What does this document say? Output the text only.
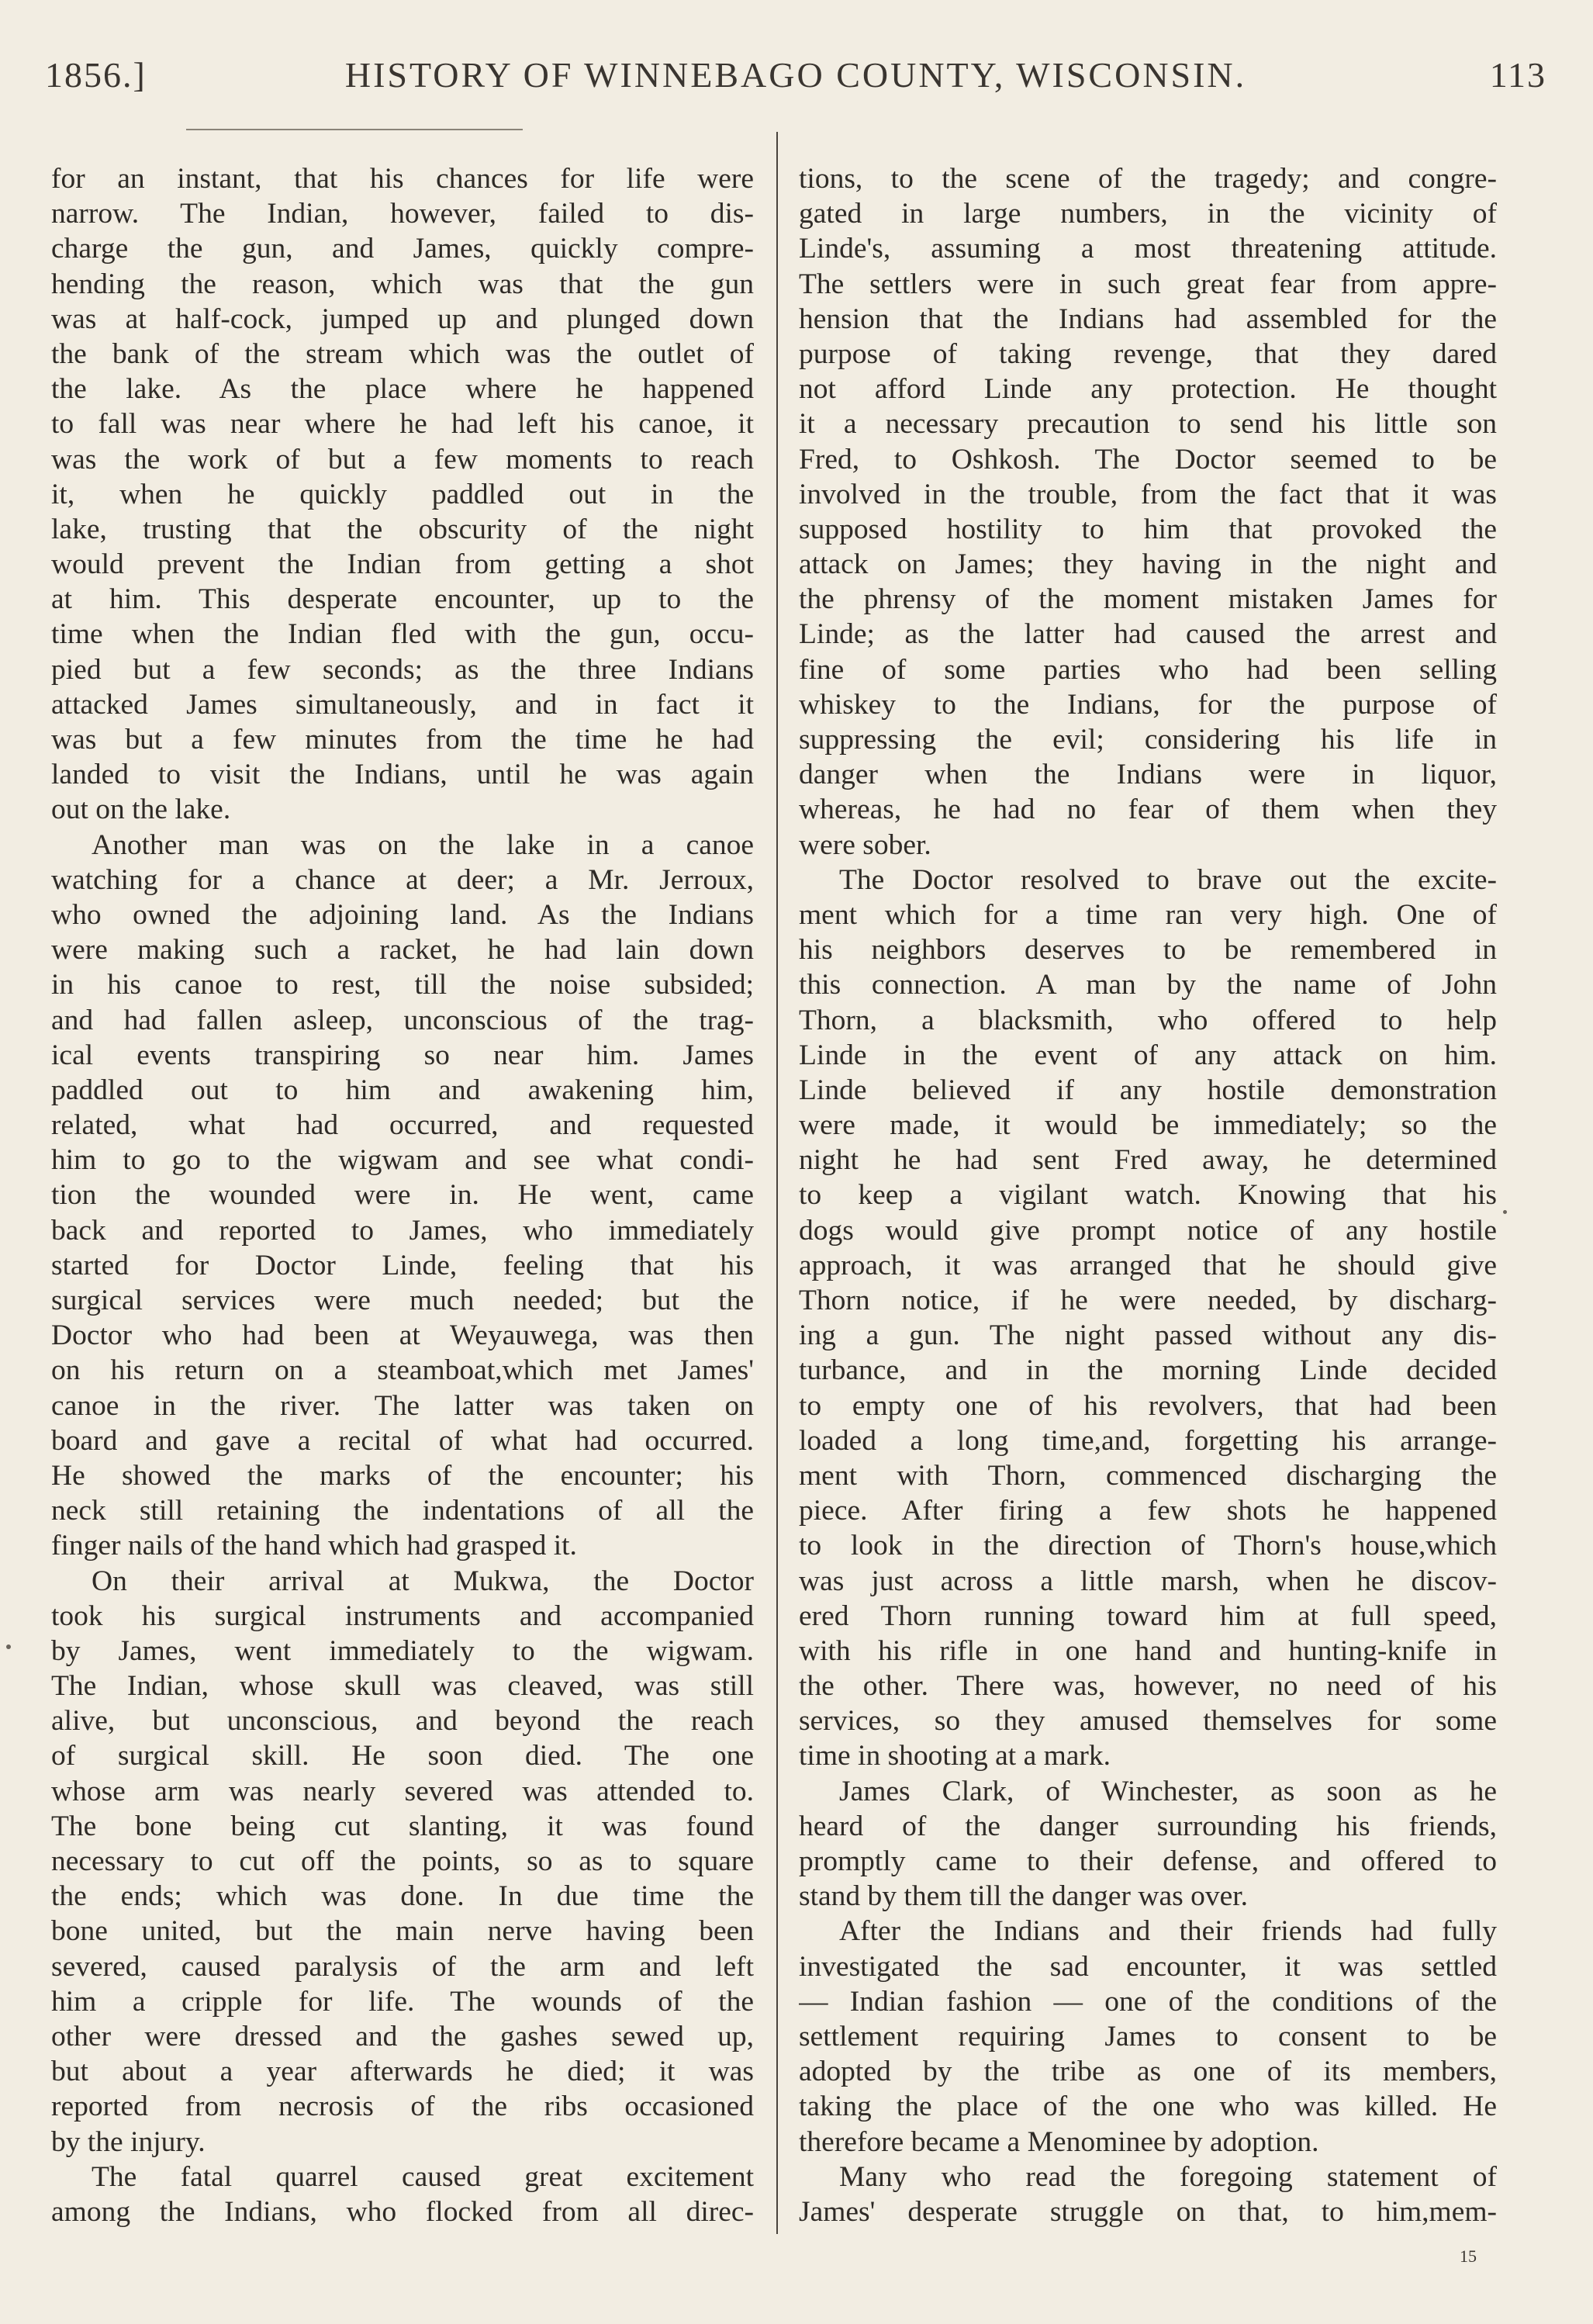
1856.]	HISTORY OF WINNEBAGO COUNTY, WISCONSIN.	113
for an instant, that his chances for life were
narrow. The Indian, however, failed to dis-
charge the gun, and James, quickly compre-
hending the reason, which was that the gun
was at half-cock, jumped up and plunged down
the bank of the stream which was the outlet of
the lake. As the place where he happened
to fall was near where he had left his canoe, it
was the work of but a few moments to reach
it, when he quickly paddled out in the
lake, trusting that the obscurity of the night
would prevent the Indian from getting a shot
at him. This desperate encounter, up to the
time when the Indian fled with the gun, occu-
pied but a few seconds; as the three Indians
attacked James simultaneously, and in fact it
was but a few minutes from the time he had
landed to visit the Indians, until he was again
out on the lake.
Another man was on the lake in a canoe
watching for a chance at deer; a Mr. Jerroux,
who owned the adjoining land. As the Indians
were making such a racket, he had lain down
in his canoe to rest, till the noise subsided;
and had fallen asleep, unconscious of the trag-
ical events transpiring so near him. James
paddled out to him and awakening him,
related, what had occurred, and requested
him to go to the wigwam and see what condi-
tion the wounded were in. He went, came
back and reported to James, who immediately
started for Doctor Linde, feeling that his
surgical services were much needed; but the
Doctor who had been at Weyauwega, was then
on his return on a steamboat,which met James'
canoe in the river. The latter was taken on
board and gave a recital of what had occurred.
He showed the marks of the encounter; his
neck still retaining the indentations of all the
finger nails of the hand which had grasped it.
On their arrival at Mukwa, the Doctor
took his surgical instruments and accompanied
by James, went immediately to the wigwam.
The Indian, whose skull was cleaved, was still
alive, but unconscious, and beyond the reach
of surgical skill. He soon died. The one
whose arm was nearly severed was attended to.
The bone being cut slanting, it was found
necessary to cut off the points, so as to square
the ends; which was done. In due time the
bone united, but the main nerve having been
severed, caused paralysis of the arm and left
him a cripple for life. The wounds of the
other were dressed and the gashes sewed up,
but about a year afterwards he died; it was
reported from necrosis of the ribs occasioned
by the injury.
The fatal quarrel caused great excitement
among the Indians, who flocked from all direc-
tions, to the scene of the tragedy; and congre-
gated in large numbers, in the vicinity of
Linde's, assuming a most threatening attitude.
The settlers were in such great fear from appre-
hension that the Indians had assembled for the
purpose of taking revenge, that they dared
not afford Linde any protection. He thought
it a necessary precaution to send his little son
Fred, to Oshkosh. The Doctor seemed to be
involved in the trouble, from the fact that it was
supposed hostility to him that provoked the
attack on James; they having in the night and
the phrensy of the moment mistaken James for
Linde; as the latter had caused the arrest and
fine of some parties who had been selling
whiskey to the Indians, for the purpose of
suppressing the evil; considering his life in
danger when the Indians were in liquor,
whereas, he had no fear of them when they
were sober.
The Doctor resolved to brave out the excite-
ment which for a time ran very high. One of
his neighbors deserves to be remembered in
this connection. A man by the name of John
Thorn, a blacksmith, who offered to help
Linde in the event of any attack on him.
Linde believed if any hostile demonstration
were made, it would be immediately; so the
night he had sent Fred away, he determined
to keep a vigilant watch. Knowing that his
dogs would give prompt notice of any hostile
approach, it was arranged that he should give
Thorn notice, if he were needed, by discharg-
ing a gun. The night passed without any dis-
turbance, and in the morning Linde decided
to empty one of his revolvers, that had been
loaded a long time,and, forgetting his arrange-
ment with Thorn, commenced discharging the
piece. After firing a few shots he happened
to look in the direction of Thorn's house,which
was just across a little marsh, when he discov-
ered Thorn running toward him at full speed,
with his rifle in one hand and hunting-knife in
the other. There was, however, no need of his
services, so they amused themselves for some
time in shooting at a mark.
James Clark, of Winchester, as soon as he
heard of the danger surrounding his friends,
promptly came to their defense, and offered to
stand by them till the danger was over.
After the Indians and their friends had fully
investigated the sad encounter, it was settled
— Indian fashion — one of the conditions of the
settlement requiring James to consent to be
adopted by the tribe as one of its members,
taking the place of the one who was killed. He
therefore became a Menominee by adoption.
Many who read the foregoing statement of
James' desperate struggle on that, to him,mem-
15
